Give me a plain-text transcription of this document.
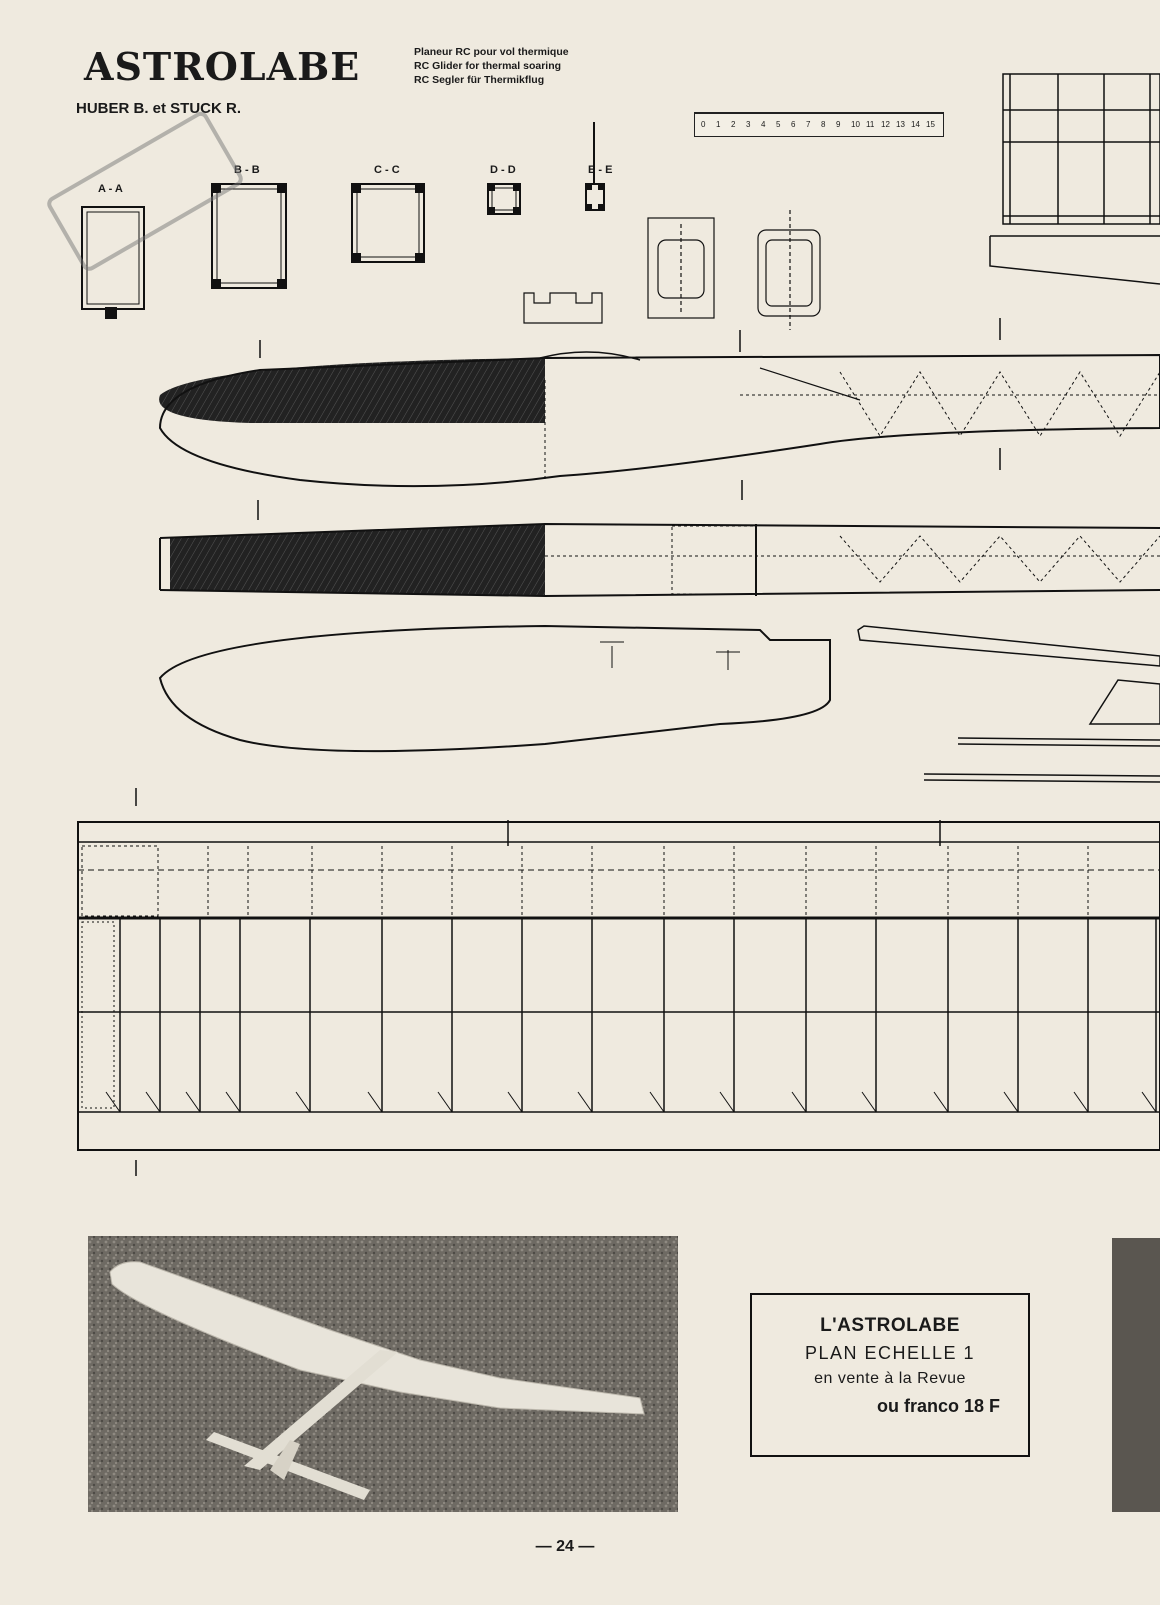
ASTROLABE
HUBER B. et STUCK R.
Planeur RC pour vol thermique
RC Glider for thermal soaring
RC Segler für Thermikflug
0 1 2 3 4 5 6 7 8 9 10 11 12 13 14 15
A - A
B - B	C - C	D - D	E - E
L'ASTROLABE
PLAN ECHELLE 1
en vente à la Revue
ou franco 18 F
— 24 —
